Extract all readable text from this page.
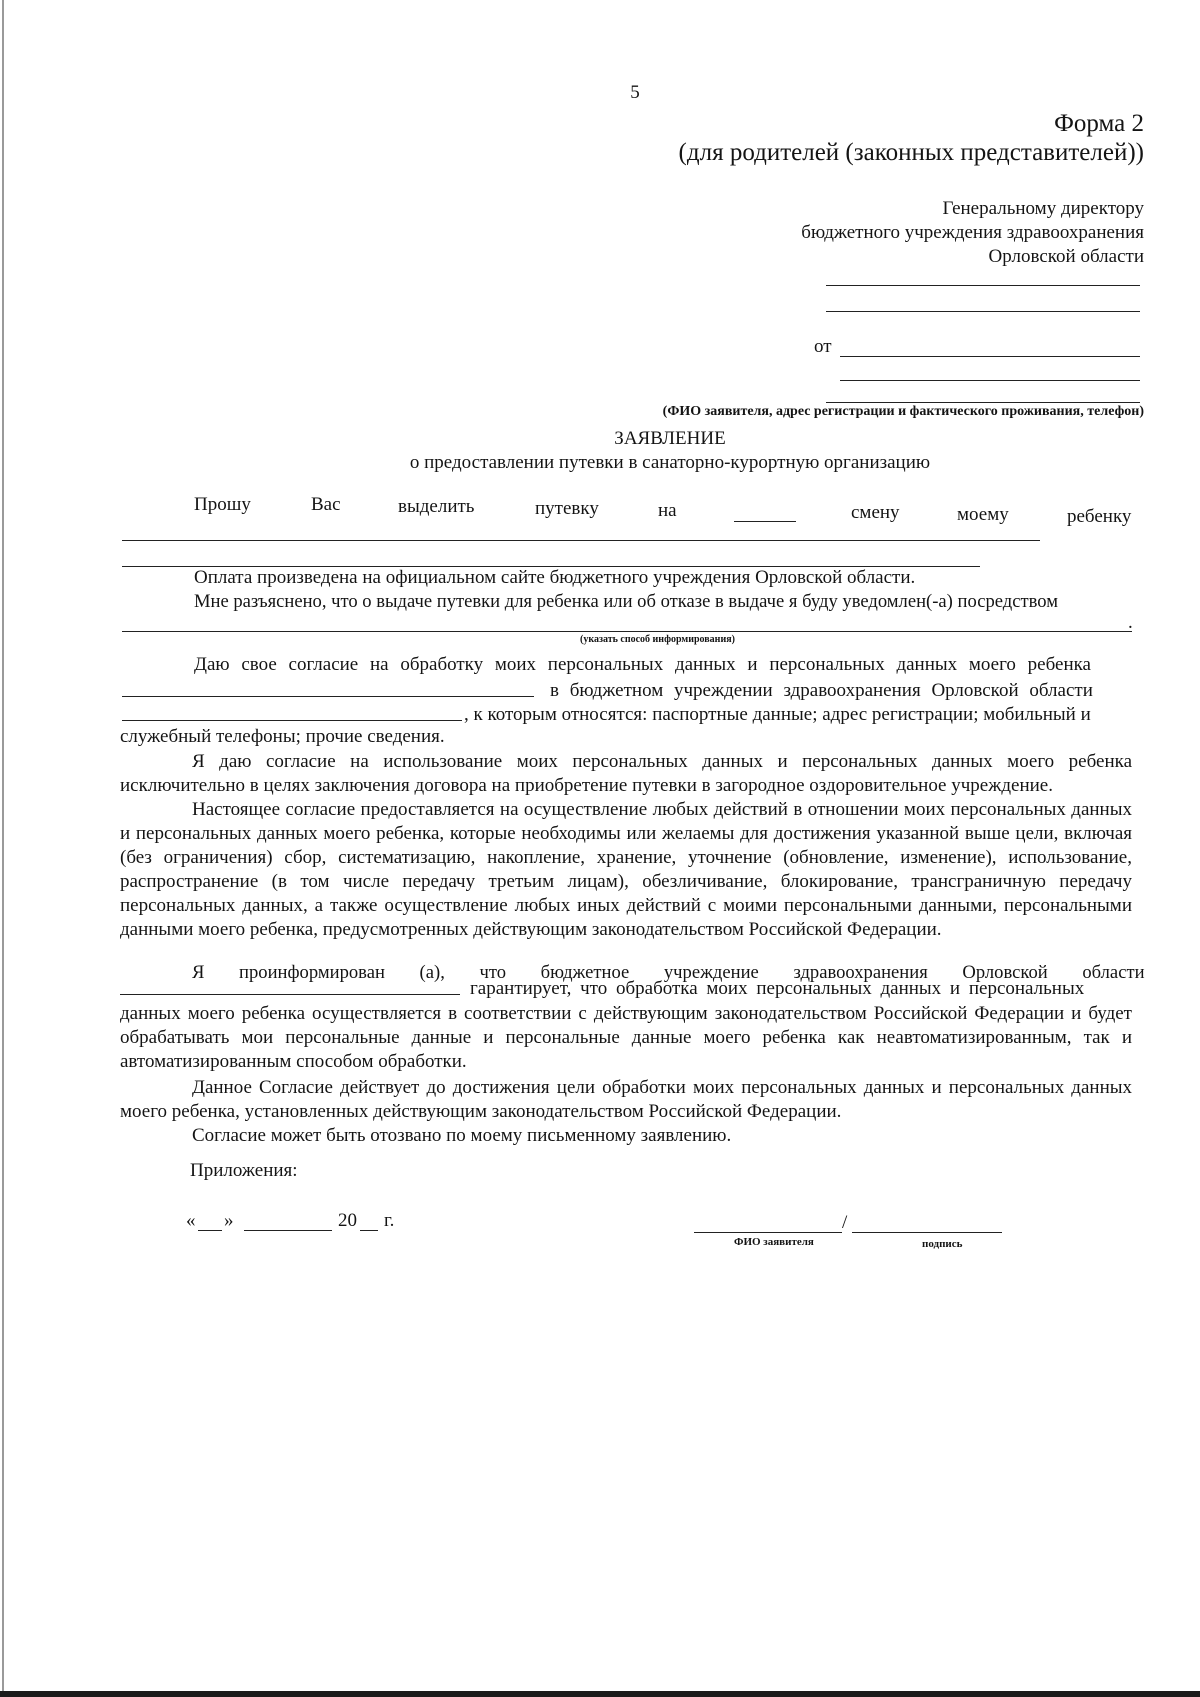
5
Форма 2
(для родителей (законных представителей))
Генеральному директору
бюджетного учреждения здравоохранения
Орловской области
от
(ФИО заявителя, адрес регистрации и фактического проживания, телефон)
ЗАЯВЛЕНИЕ
о предоставлении путевки в санаторно-курортную организацию
Прошу	Вас	выделить	путевку	на	смену	моему	ребенку
Оплата произведена на официальном сайте бюджетного учреждения Орловской области.
Мне разъяснено, что о выдаче путевки для ребенка или об отказе в выдаче я буду уведомлен(-а) посредством
.
(указать способ информирования)
Даю свое согласие на обработку моих персональных данных и персональных данных моего ребенка
в бюджетном учреждении здравоохранения Орловской области
, к которым относятся: паспортные данные; адрес регистрации; мобильный и
служебный телефоны; прочие сведения.

Я даю согласие на использование моих персональных данных и персональных данных моего ребенка исключительно в целях заключения договора на приобретение путевки в загородное оздоровительное учреждение.

Настоящее согласие предоставляется на осуществление любых действий в отношении моих персональных данных и персональных данных моего ребенка, которые необходимы или желаемы для достижения указанной выше цели, включая (без ограничения) сбор, систематизацию, накопление, хранение, уточнение (обновление, изменение), использование, распространение (в том числе передачу третьим лицам), обезличивание, блокирование, трансграничную передачу персональных данных, а также осуществление любых иных действий с моими персональными данными, персональными данными моего ребенка, предусмотренных действующим законодательством Российской Федерации.

Я проинформирован (а), что бюджетное учреждение здравоохранения Орловской области
гарантирует, что обработка моих персональных данных и персональных
данных моего ребенка осуществляется в соответствии с действующим законодательством Российской Федерации и будет обрабатывать мои персональные данные и персональные данные моего ребенка как неавтоматизированным, так и автоматизированным способом обработки.

Данное Согласие действует до достижения цели обработки моих персональных данных и персональных данных моего ребенка, установленных действующим законодательством Российской Федерации.

Согласие может быть отозвано по моему письменному заявлению.

Приложения:
« »	20 г.	/
ФИО заявителя	подпись
